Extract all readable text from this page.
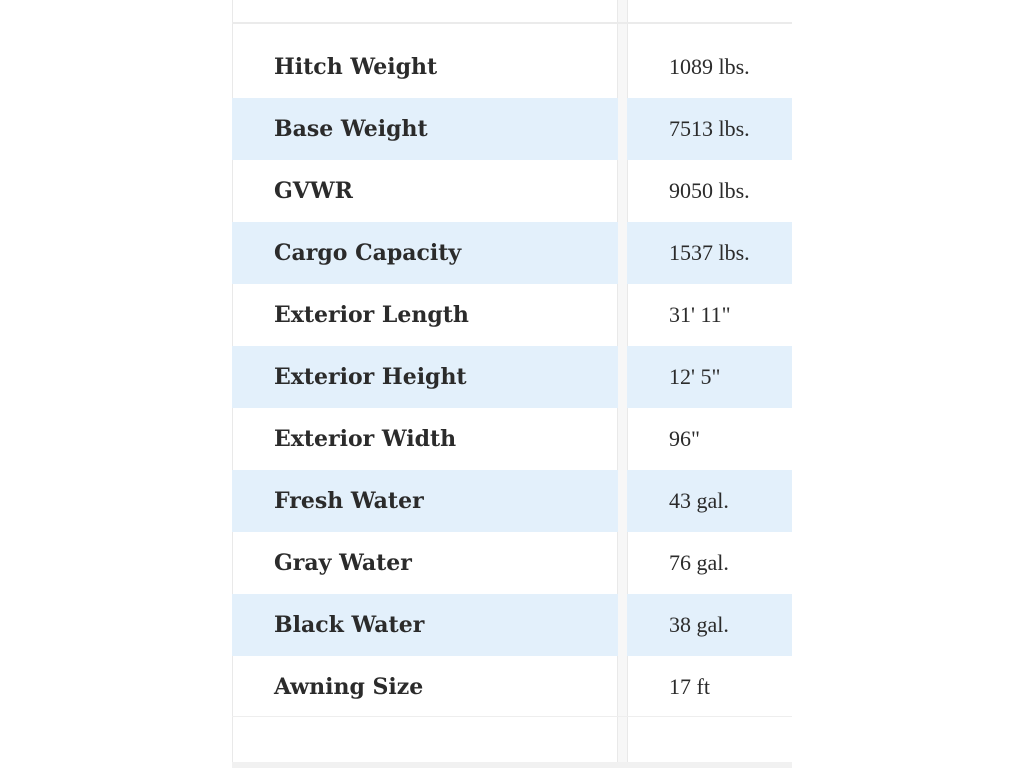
Hitch Weight	1089 lbs.
Base Weight	7513 lbs.
GVWR	9050 lbs.
Cargo Capacity	1537 lbs.
Exterior Length	31' 11"
Exterior Height	12' 5"
Exterior Width	96"
Fresh Water	43 gal.
Gray Water	76 gal.
Black Water	38 gal.
Awning Size	17 ft
